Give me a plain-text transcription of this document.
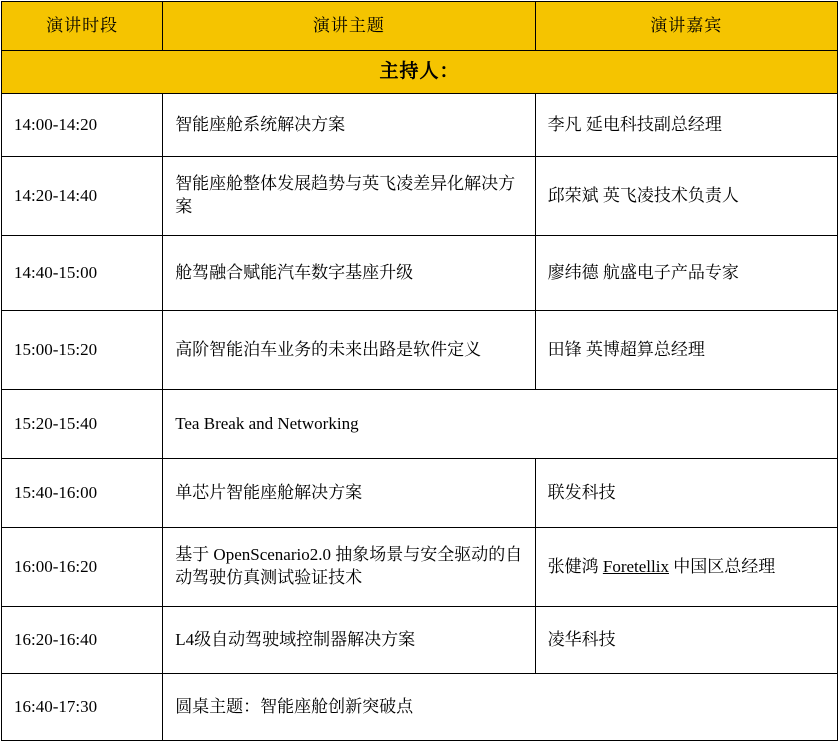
演讲时段	演讲主题	演讲嘉宾
主持人：		
14:00-14:20	智能座舱系统解决方案	李凡 延电科技副总经理
14:20-14:40	智能座舱整体发展趋势与英飞凌差异化解决方案	邱荣斌 英飞凌技术负责人
14:40-15:00	舱驾融合赋能汽车数字基座升级	廖纬德 航盛电子产品专家
15:00-15:20	高阶智能泊车业务的未来出路是软件定义	田锋 英博超算总经理
15:20-15:40	Tea Break and Networking	
15:40-16:00	单芯片智能座舱解决方案	联发科技
16:00-16:20	基于 OpenScenario2.0 抽象场景与安全驱动的自动驾驶仿真测试验证技术	张健鸿 Foretellix 中国区总经理
16:20-16:40	L4级自动驾驶域控制器解决方案	凌华科技
16:40-17:30	圆桌主题：智能座舱创新突破点	
